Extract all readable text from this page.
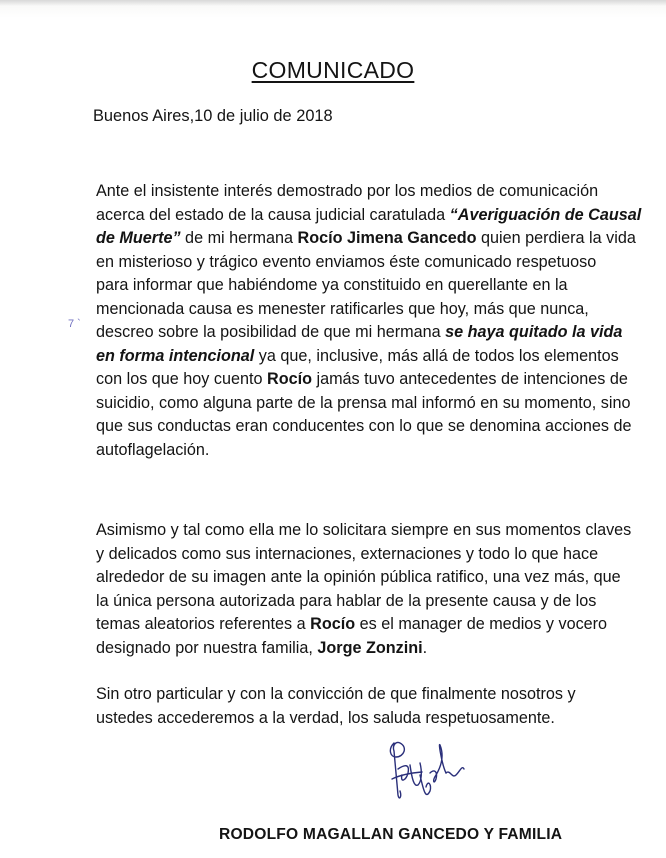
COMUNICADO
Buenos Aires,10 de julio de 2018
7 `
Ante el insistente interés demostrado por los medios de comunicación
acerca del estado de la causa judicial caratulada “Averiguación de Causal
de Muerte” de mi hermana Rocío Jimena Gancedo quien perdiera la vida
en misterioso y trágico evento enviamos éste comunicado respetuoso
para informar que habiéndome ya constituido en querellante en la
mencionada causa es menester ratificarles que hoy, más que nunca,
descreo sobre la posibilidad de que mi hermana se haya quitado la vida
en forma intencional ya que, inclusive, más allá de todos los elementos
con los que hoy cuento Rocío jamás tuvo antecedentes de intenciones de
suicidio, como alguna parte de la prensa mal informó en su momento, sino
que sus conductas eran conducentes con lo que se denomina acciones de
autoflagelación.
Asimismo y tal como ella me lo solicitara siempre en sus momentos claves
y delicados como sus internaciones, externaciones y todo lo que hace
alrededor de su imagen ante la opinión pública ratifico, una vez más, que
la única persona autorizada para hablar de la presente causa y de los
temas aleatorios referentes a Rocío es el manager de medios y vocero
designado por nuestra familia, Jorge Zonzini.
Sin otro particular y con la convicción de que finalmente nosotros y
ustedes accederemos a la verdad, los saluda respetuosamente.
RODOLFO MAGALLAN GANCEDO Y FAMILIA
